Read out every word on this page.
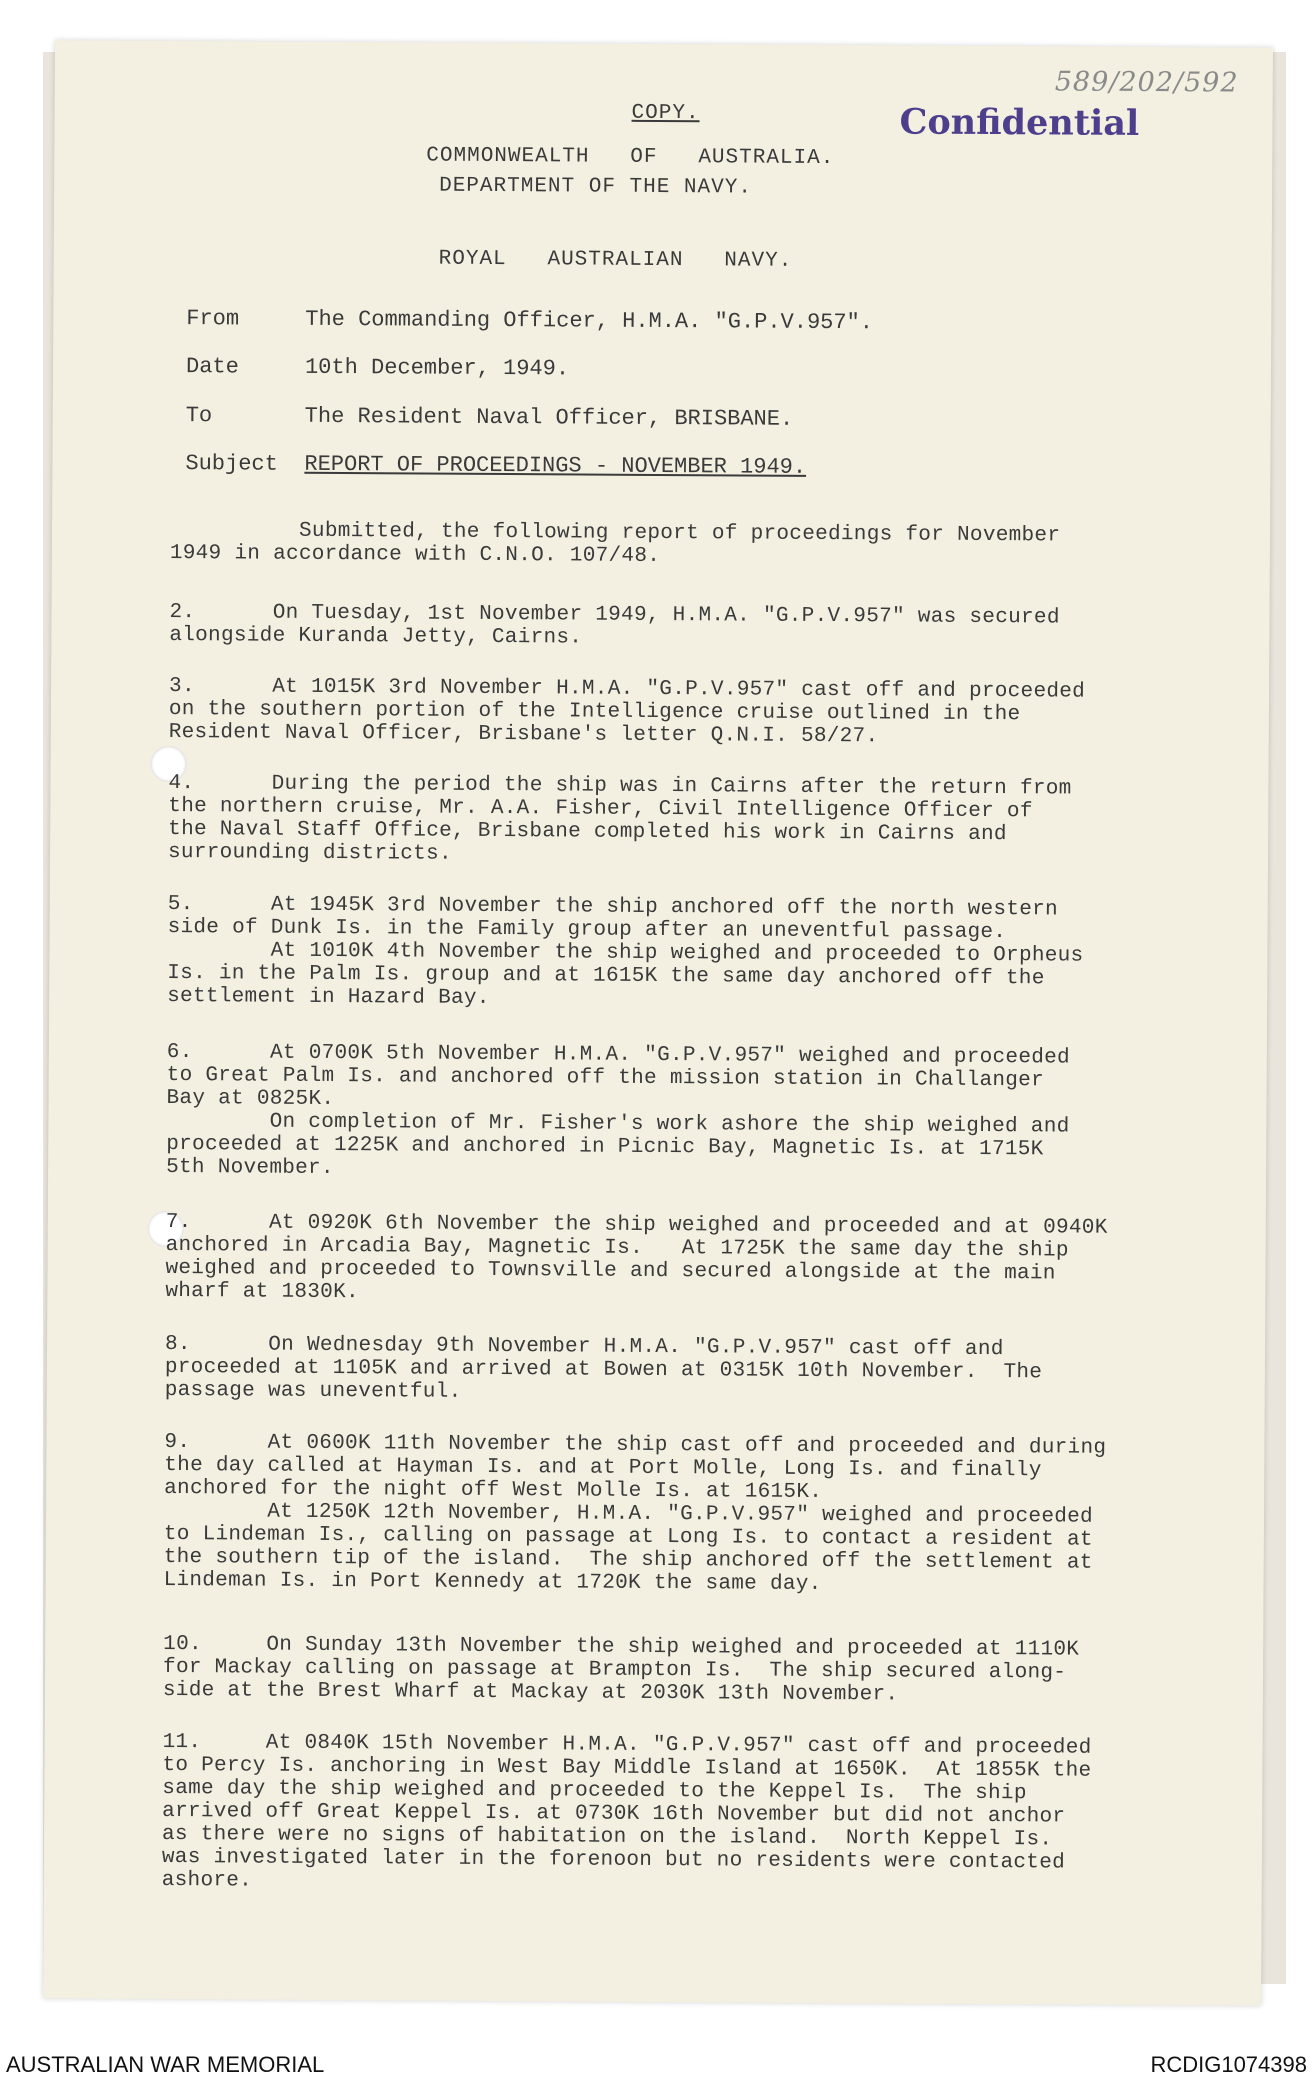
589/202/592
Confidential
COPY.
COMMONWEALTH   OF   AUSTRALIA.
DEPARTMENT OF THE NAVY.
ROYAL   AUSTRALIAN   NAVY.
From	The Commanding Officer, H.M.A. "G.P.V.957".
Date	10th December, 1949.
To	The Resident Naval Officer, BRISBANE.
Subject REPORT OF PROCEEDINGS - NOVEMBER 1949.
Submitted, the following report of proceedings for November
1949 in accordance with C.N.O. 107/48.
2.      On Tuesday, 1st November 1949, H.M.A. "G.P.V.957" was secured
alongside Kuranda Jetty, Cairns.
3.      At 1015K 3rd November H.M.A. "G.P.V.957" cast off and proceeded
on the southern portion of the Intelligence cruise outlined in the
Resident Naval Officer, Brisbane's letter Q.N.I. 58/27.
4.      During the period the ship was in Cairns after the return from
the northern cruise, Mr. A.A. Fisher, Civil Intelligence Officer of
the Naval Staff Office, Brisbane completed his work in Cairns and
surrounding districts.
5.      At 1945K 3rd November the ship anchored off the north western
side of Dunk Is. in the Family group after an uneventful passage.
At 1010K 4th November the ship weighed and proceeded to Orpheus
Is. in the Palm Is. group and at 1615K the same day anchored off the
settlement in Hazard Bay.
6.      At 0700K 5th November H.M.A. "G.P.V.957" weighed and proceeded
to Great Palm Is. and anchored off the mission station in Challanger
Bay at 0825K.
On completion of Mr. Fisher's work ashore the ship weighed and
proceeded at 1225K and anchored in Picnic Bay, Magnetic Is. at 1715K
5th November.
7.      At 0920K 6th November the ship weighed and proceeded and at 0940K
anchored in Arcadia Bay, Magnetic Is.   At 1725K the same day the ship
weighed and proceeded to Townsville and secured alongside at the main
wharf at 1830K.
8.      On Wednesday 9th November H.M.A. "G.P.V.957" cast off and
proceeded at 1105K and arrived at Bowen at 0315K 10th November.  The
passage was uneventful.
9.      At 0600K 11th November the ship cast off and proceeded and during
the day called at Hayman Is. and at Port Molle, Long Is. and finally
anchored for the night off West Molle Is. at 1615K.
At 1250K 12th November, H.M.A. "G.P.V.957" weighed and proceeded
to Lindeman Is., calling on passage at Long Is. to contact a resident at
the southern tip of the island.  The ship anchored off the settlement at
Lindeman Is. in Port Kennedy at 1720K the same day.
10.     On Sunday 13th November the ship weighed and proceeded at 1110K
for Mackay calling on passage at Brampton Is.  The ship secured along-
side at the Brest Wharf at Mackay at 2030K 13th November.
11.     At 0840K 15th November H.M.A. "G.P.V.957" cast off and proceeded
to Percy Is. anchoring in West Bay Middle Island at 1650K.  At 1855K the
same day the ship weighed and proceeded to the Keppel Is.  The ship
arrived off Great Keppel Is. at 0730K 16th November but did not anchor
as there were no signs of habitation on the island.  North Keppel Is.
was investigated later in the forenoon but no residents were contacted
ashore.
AUSTRALIAN WAR MEMORIAL	RCDIG1074398
